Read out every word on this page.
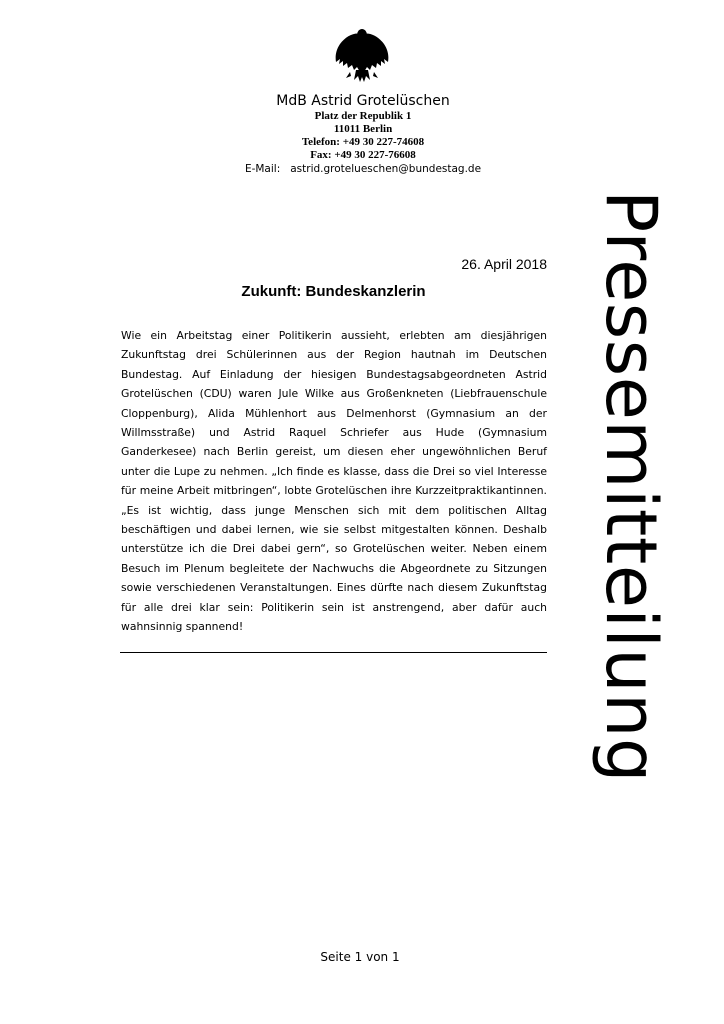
MdB Astrid Grotelüschen
Platz der Republik 1
11011 Berlin
Telefon: +49 30 227-74608
Fax: +49 30 227-76608
E-Mail: astrid.grotelueschen@bundestag.de
Pressemitteilung
26. April 2018
Zukunft: Bundeskanzlerin

Wie ein Arbeitstag einer Politikerin aussieht, erlebten am diesjährigen Zukunftstag drei Schülerinnen aus der Region hautnah im Deutschen Bundestag. Auf Einladung der hiesigen Bundestagsabgeordneten Astrid Grotelüschen (CDU) waren Jule Wilke aus Großenkneten (Liebfrauenschule Cloppenburg), Alida Mühlenhort aus Delmenhorst (Gymnasium an der Willmsstraße) und Astrid Raquel Schriefer aus Hude (Gymnasium Ganderkesee) nach Berlin gereist, um diesen eher ungewöhnlichen Beruf unter die Lupe zu nehmen. „Ich finde es klasse, dass die Drei so viel Interesse für meine Arbeit mitbringen“, lobte Grotelüschen ihre Kurzzeitpraktikantinnen. „Es ist wichtig, dass junge Menschen sich mit dem politischen Alltag beschäftigen und dabei lernen, wie sie selbst mitgestalten können. Deshalb unterstütze ich die Drei dabei gern“, so Grotelüschen weiter. Neben einem Besuch im Plenum begleitete der Nachwuchs die Abgeordnete zu Sitzungen sowie verschiedenen Veranstaltungen. Eines dürfte nach diesem Zukunftstag für alle drei klar sein: Politikerin sein ist anstrengend, aber dafür auch wahnsinnig spannend!

Seite 1 von 1
